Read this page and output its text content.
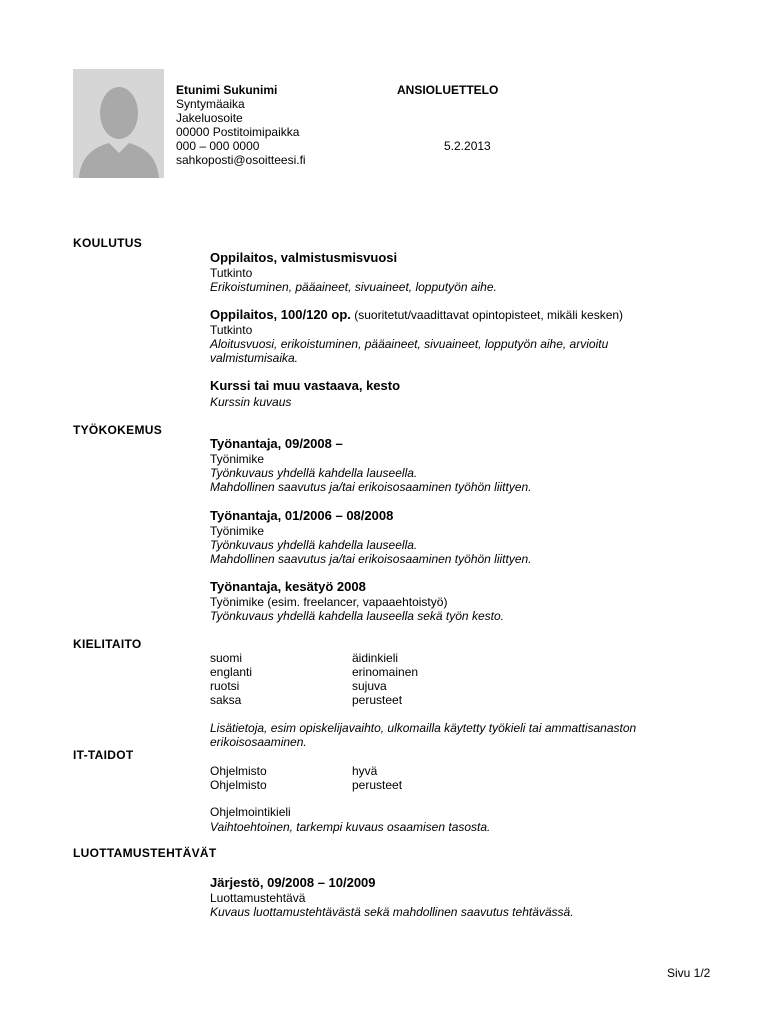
Etunimi Sukunimi
Syntymäaika
Jakeluosoite
00000 Postitoimipaikka
000 – 000 0000
sahkoposti@osoitteesi.fi
ANSIOLUETTELO
5.2.2013
KOULUTUS
Oppilaitos, valmistusmisvuosi
Tutkinto
Erikoistuminen, pääaineet, sivuaineet, lopputyön aihe.
Oppilaitos, 100/120 op. (suoritetut/vaadittavat opintopisteet, mikäli kesken)
Tutkinto
Aloitusvuosi, erikoistuminen, pääaineet, sivuaineet, lopputyön aihe, arvioitu
valmistumisaika.
Kurssi tai muu vastaava, kesto
Kurssin kuvaus
TYÖKOKEMUS
Työnantaja, 09/2008 –
Työnimike
Työnkuvaus yhdellä kahdella lauseella.
Mahdollinen saavutus ja/tai erikoisosaaminen työhön liittyen.
Työnantaja, 01/2006 – 08/2008
Työnimike
Työnkuvaus yhdellä kahdella lauseella.
Mahdollinen saavutus ja/tai erikoisosaaminen työhön liittyen.
Työnantaja, kesätyö 2008
Työnimike (esim. freelancer, vapaaehtoistyö)
Työnkuvaus yhdellä kahdella lauseella sekä työn kesto.
KIELITAITO
suomi	äidinkieli
englanti	erinomainen
ruotsi	sujuva
saksa	perusteet
Lisätietoja, esim opiskelijavaihto, ulkomailla käytetty työkieli tai ammattisanaston
erikoisosaaminen.
IT-TAIDOT
Ohjelmisto	hyvä
Ohjelmisto	perusteet
Ohjelmointikieli
Vaihtoehtoinen, tarkempi kuvaus osaamisen tasosta.
LUOTTAMUSTEHTÄVÄT
Järjestö, 09/2008 – 10/2009
Luottamustehtävä
Kuvaus luottamustehtävästä sekä mahdollinen saavutus tehtävässä.
Sivu 1/2
